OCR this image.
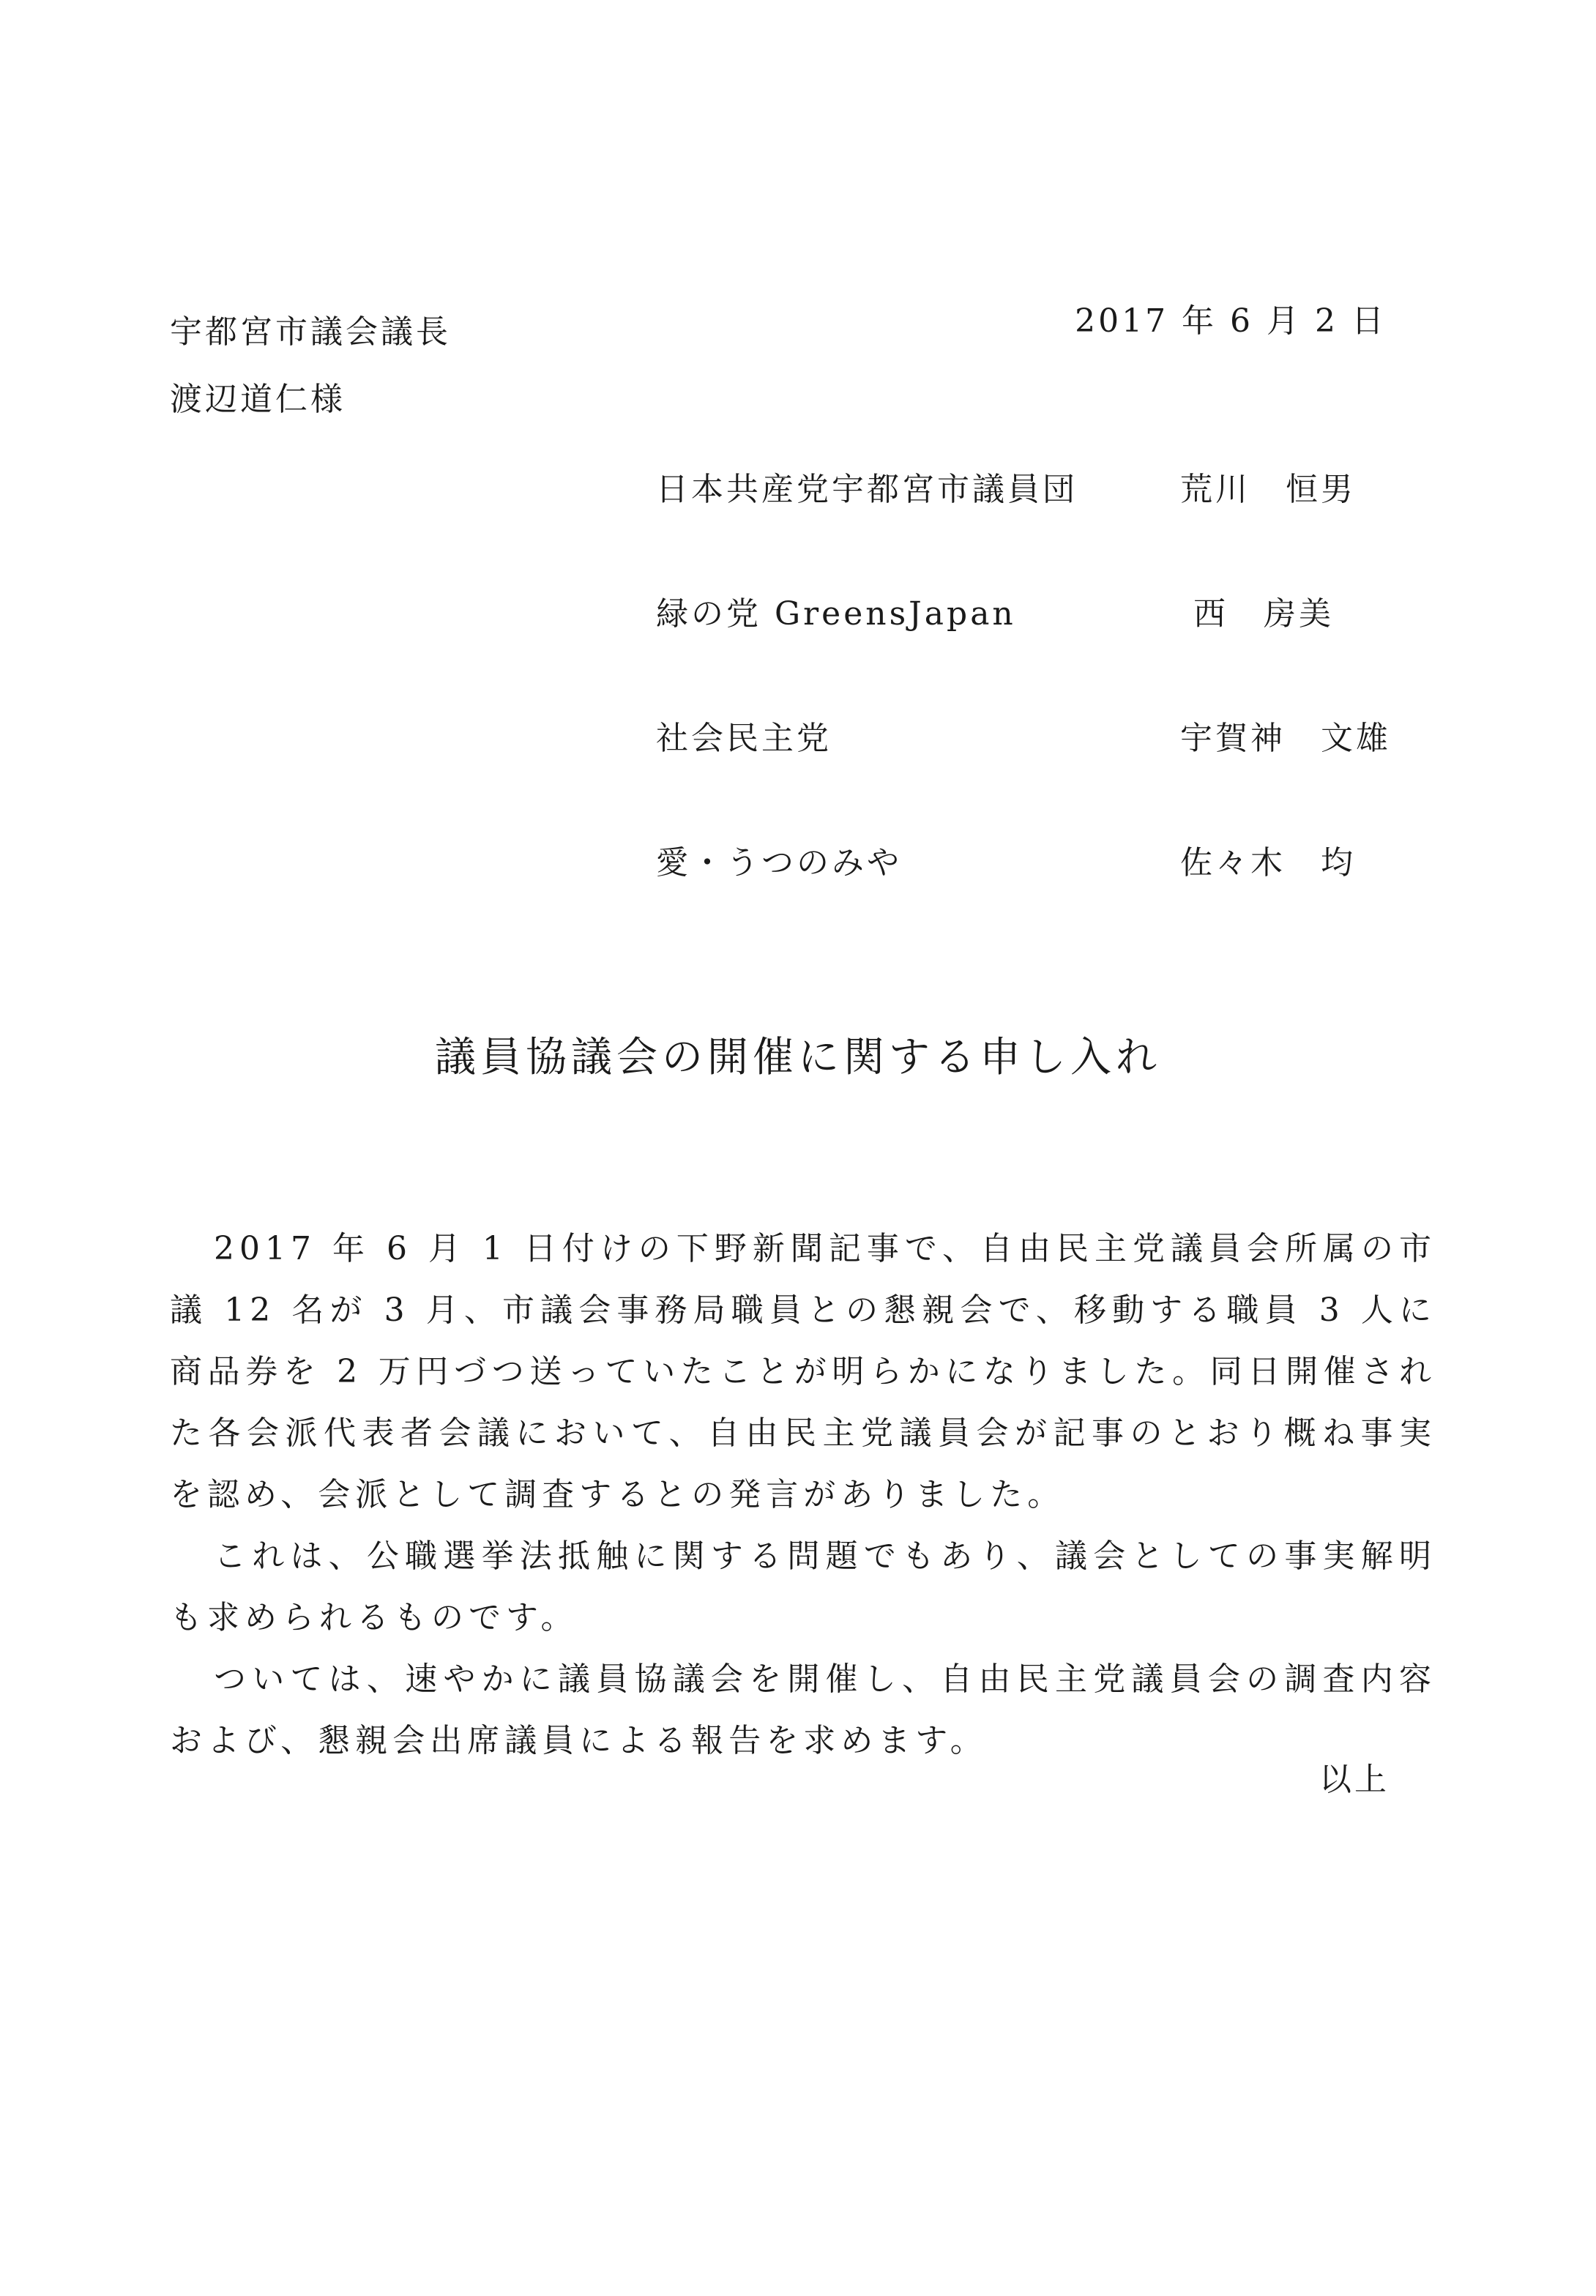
宇都宮市議会議長
渡辺道仁様
2017 年 6 月 2 日
日本共産党宇都宮市議員団	荒川　恒男
緑の党 GreensJapan	西　房美
社会民主党	宇賀神　文雄
愛・うつのみや	佐々木　均
議員協議会の開催に関する申し入れ

2017 年 6 月 1 日付けの下野新聞記事で、自由民主党議員会所属の市議 12 名が 3 月、市議会事務局職員との懇親会で、移動する職員 3 人に商品券を 2 万円づつ送っていたことが明らかになりました。同日開催された各会派代表者会議において、自由民主党議員会が記事のとおり概ね事実を認め、会派として調査するとの発言がありました。

これは、公職選挙法抵触に関する問題でもあり、議会としての事実解明も求められるものです。

ついては、速やかに議員協議会を開催し、自由民主党議員会の調査内容および、懇親会出席議員による報告を求めます。

以上
